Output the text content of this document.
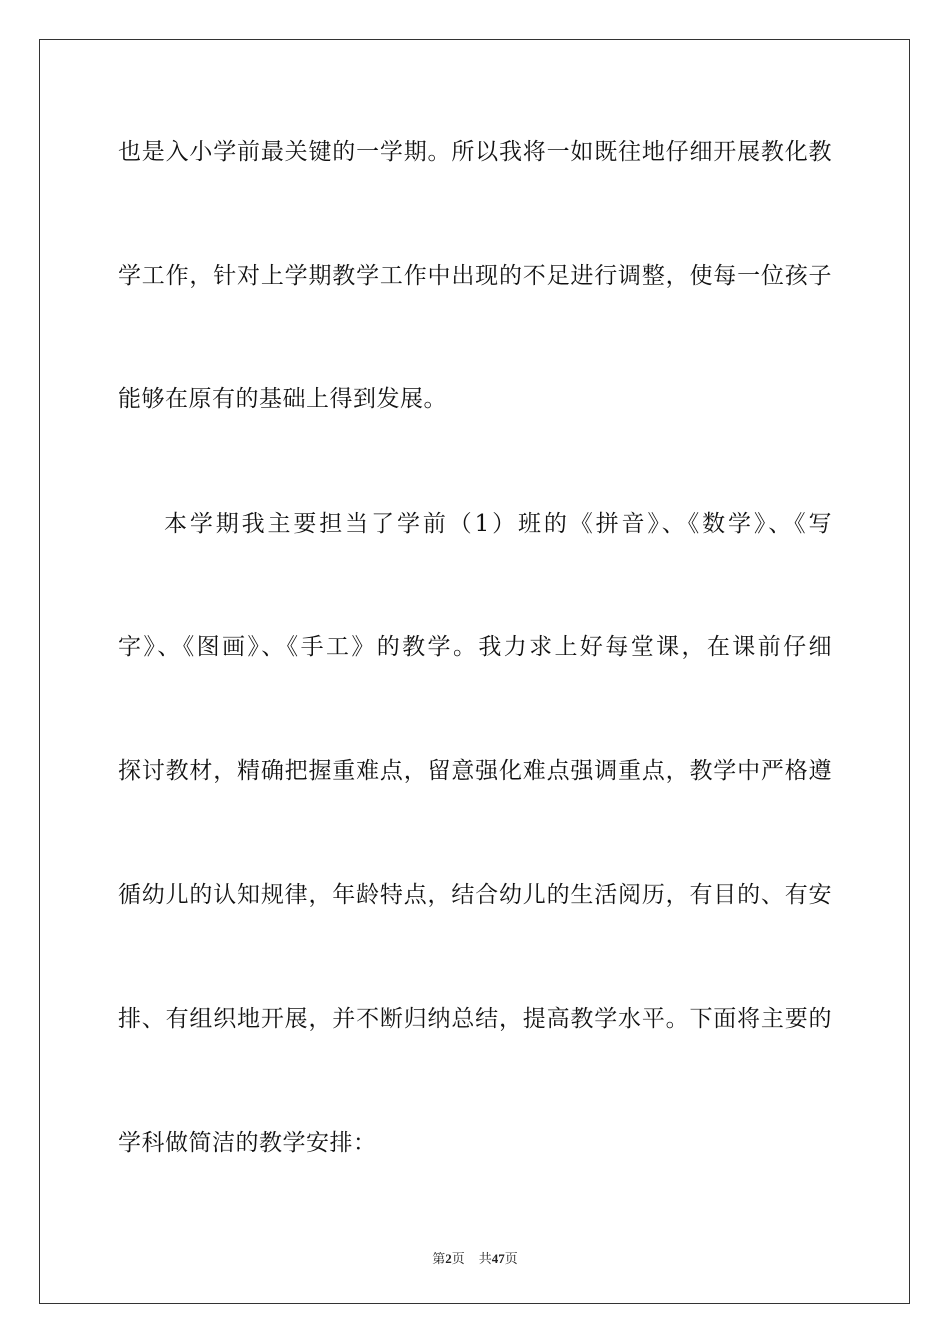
也是入小学前最关键的一学期。所以我将一如既往地仔细开展教化教
学工作，针对上学期教学工作中出现的不足进行调整，使每一位孩子
能够在原有的基础上得到发展。
本学期我主要担当了学前（1）班的《拼音》、《数学》、《写
字》、《图画》、《手工》的教学。我力求上好每堂课，在课前仔细
探讨教材，精确把握重难点，留意强化难点强调重点，教学中严格遵
循幼儿的认知规律，年龄特点，结合幼儿的生活阅历，有目的、有安
排、有组织地开展，并不断归纳总结，提高教学水平。下面将主要的
学科做简洁的教学安排：
第2页 共47页
